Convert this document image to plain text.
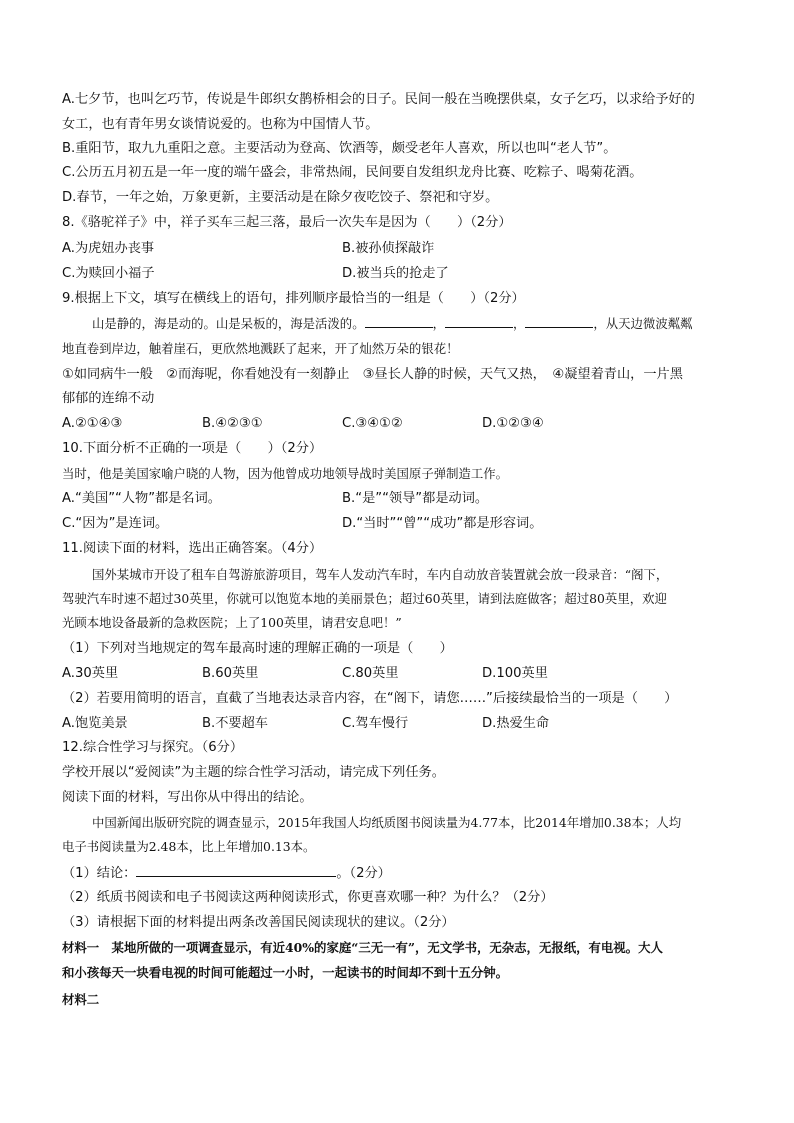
A.七夕节，也叫乞巧节，传说是牛郎织女鹊桥相会的日子。民间一般在当晚摆供桌，女子乞巧，以求给予好的
女工，也有青年男女谈情说爱的。也称为中国情人节。
B.重阳节，取九九重阳之意。主要活动为登高、饮酒等，颇受老年人喜欢，所以也叫“老人节”。
C.公历五月初五是一年一度的端午盛会，非常热闹，民间要自发组织龙舟比赛、吃粽子、喝菊花酒。
D.春节，一年之始，万象更新，主要活动是在除夕夜吃饺子、祭祀和守岁。
8.《骆驼祥子》中，祥子买车三起三落，最后一次失车是因为（　　）（2分）
A.为虎妞办丧事	B.被孙侦探敲诈
C.为赎回小福子	D.被当兵的抢走了
9.根据上下文，填写在横线上的语句，排列顺序最恰当的一组是（　　）（2分）
山是静的，海是动的。山是呆板的，海是活泼的。	，	，	，从天边微波粼粼
地直卷到岸边，触着崖石，更欣然地溅跃了起来，开了灿然万朵的银花！
①如同病牛一般　②而海呢，你看她没有一刻静止　③昼长人静的时候，天气又热，　④凝望着青山，一片黑
郁郁的连绵不动
A.②①④③	B.④②③①	C.③④①②	D.①②③④
10.下面分析不正确的一项是（　　）（2分）
当时，他是美国家喻户晓的人物，因为他曾成功地领导战时美国原子弹制造工作。
A.“美国”“人物”都是名词。	B.“是”“领导”都是动词。
C.“因为”是连词。	D.“当时”“曾”“成功”都是形容词。
11.阅读下面的材料，选出正确答案。（4分）
国外某城市开设了租车自驾游旅游项目，驾车人发动汽车时，车内自动放音装置就会放一段录音：“阁下，
驾驶汽车时速不超过30英里，你就可以饱览本地的美丽景色；超过60英里，请到法庭做客；超过80英里，欢迎
光顾本地设备最新的急救医院；上了100英里，请君安息吧！”
（1）下列对当地规定的驾车最高时速的理解正确的一项是（　　）
A.30英里	B.60英里	C.80英里	D.100英里
（2）若要用简明的语言，直截了当地表达录音内容，在“阁下，请您……”后接续最恰当的一项是（　　）
A.饱览美景	B.不要超车	C.驾车慢行	D.热爱生命
12.综合性学习与探究。（6分）
学校开展以“爱阅读”为主题的综合性学习活动，请完成下列任务。
阅读下面的材料，写出你从中得出的结论。
中国新闻出版研究院的调查显示，2015年我国人均纸质图书阅读量为4.77本，比2014年增加0.38本；人均
电子书阅读量为2.48本，比上年增加0.13本。
（1）结论：	。（2分）
（2）纸质书阅读和电子书阅读这两种阅读形式，你更喜欢哪一种？为什么？（2分）
（3）请根据下面的材料提出两条改善国民阅读现状的建议。（2分）
材料一　某地所做的一项调查显示，有近40%的家庭“三无一有”，无文学书，无杂志，无报纸，有电视。大人
和小孩每天一块看电视的时间可能超过一小时，一起读书的时间却不到十五分钟。
材料二
